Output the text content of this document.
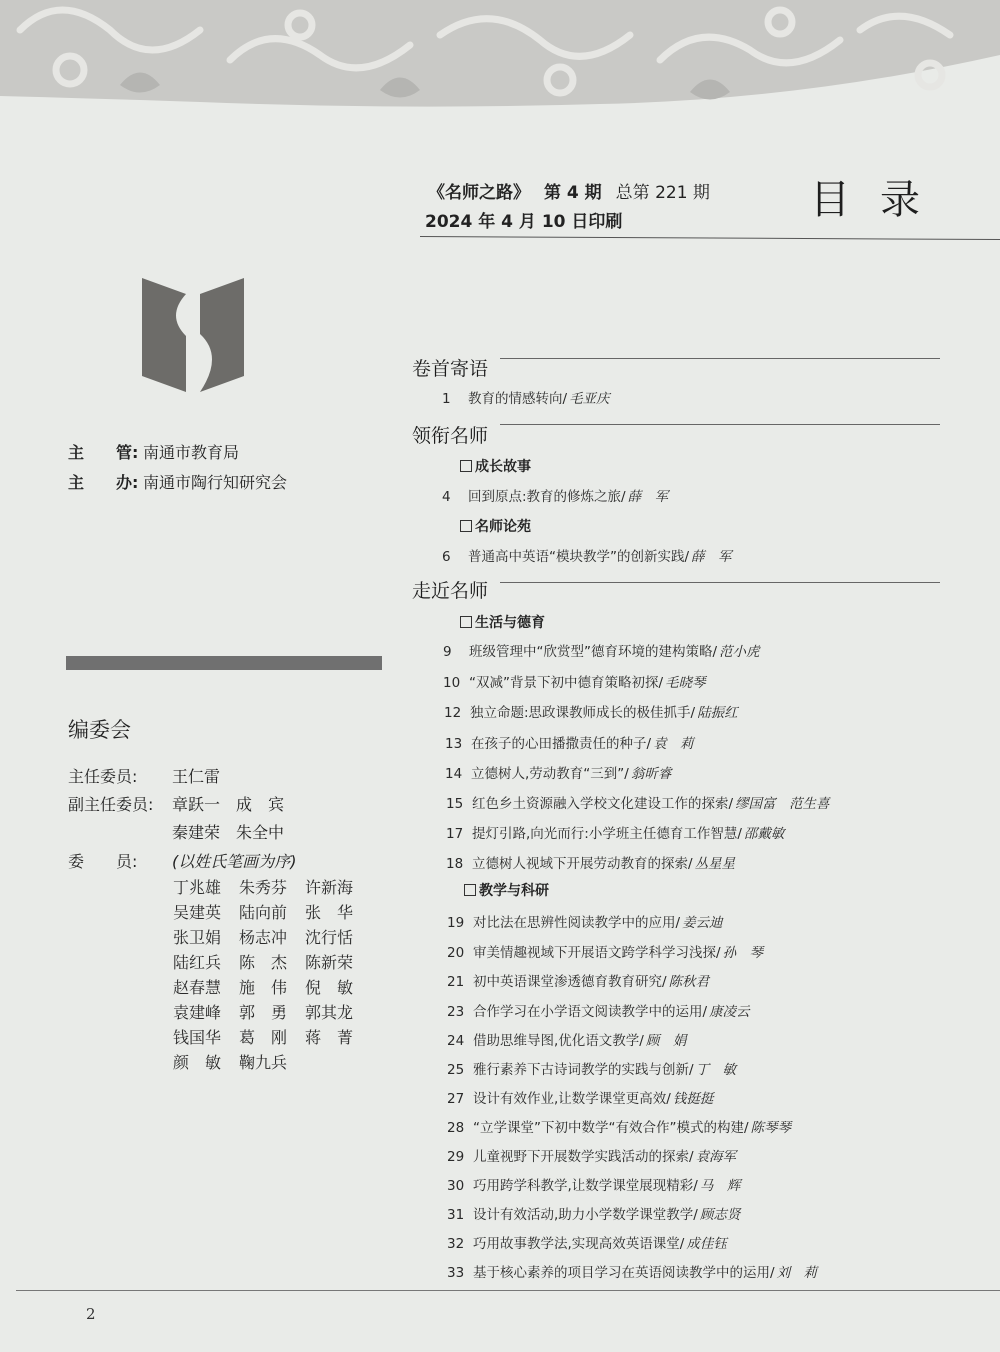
《名师之路》 第 4 期 总第 221 期
2024 年 4 月 10 日印刷	目录
主　　管: 南通市教育局
主　　办: 南通市陶行知研究会
编委会
主任委员: 王仁雷
副主任委员: 章跃一　成　宾
秦建荣　朱全中
委　　员: (以姓氏笔画为序)
丁兆雄 朱秀芬 许新海
吴建英 陆向前 张　华
张卫娟 杨志冲 沈行恬
陆红兵 陈　杰 陈新荣
赵春慧 施　伟 倪　敏
袁建峰 郭　勇 郭其龙
钱国华 葛　刚 蒋　菁
颜　敏 鞠九兵
卷首寄语
领衔名师
走近名师
成长故事
名师论苑
生活与德育
教学与科研
1 教育的情感转向/ 毛亚庆
4 回到原点:教育的修炼之旅/ 薛　军
6 普通高中英语“模块教学”的创新实践/ 薛　军
9 班级管理中“欣赏型”德育环境的建构策略/ 范小虎
10 “双减”背景下初中德育策略初探/ 毛晓琴
12 独立命题:思政课教师成长的极佳抓手/ 陆振红
13 在孩子的心田播撒责任的种子/ 袁　莉
14 立德树人,劳动教育“三到”/ 翁昕睿
15 红色乡土资源融入学校文化建设工作的探索/ 缪国富　范生喜
17 提灯引路,向光而行:小学班主任德育工作智慧/ 邵戴敏
18 立德树人视域下开展劳动教育的探索/ 丛星星
19 对比法在思辨性阅读教学中的应用/ 姜云迪
20 审美情趣视域下开展语文跨学科学习浅探/ 孙　琴
21 初中英语课堂渗透德育教育研究/ 陈秋君
23 合作学习在小学语文阅读教学中的运用/ 康凌云
24 借助思维导图,优化语文教学/ 顾　娟
25 雅行素养下古诗词教学的实践与创新/ 丁　敏
27 设计有效作业,让数学课堂更高效/ 钱挺挺
28 “立学课堂”下初中数学“有效合作”模式的构建/ 陈琴琴
29 儿童视野下开展数学实践活动的探索/ 袁海军
30 巧用跨学科教学,让数学课堂展现精彩/ 马　辉
31 设计有效活动,助力小学数学课堂教学/ 顾志贤
32 巧用故事教学法,实现高效英语课堂/ 成佳钰
33 基于核心素养的项目学习在英语阅读教学中的运用/ 刘　莉
2
